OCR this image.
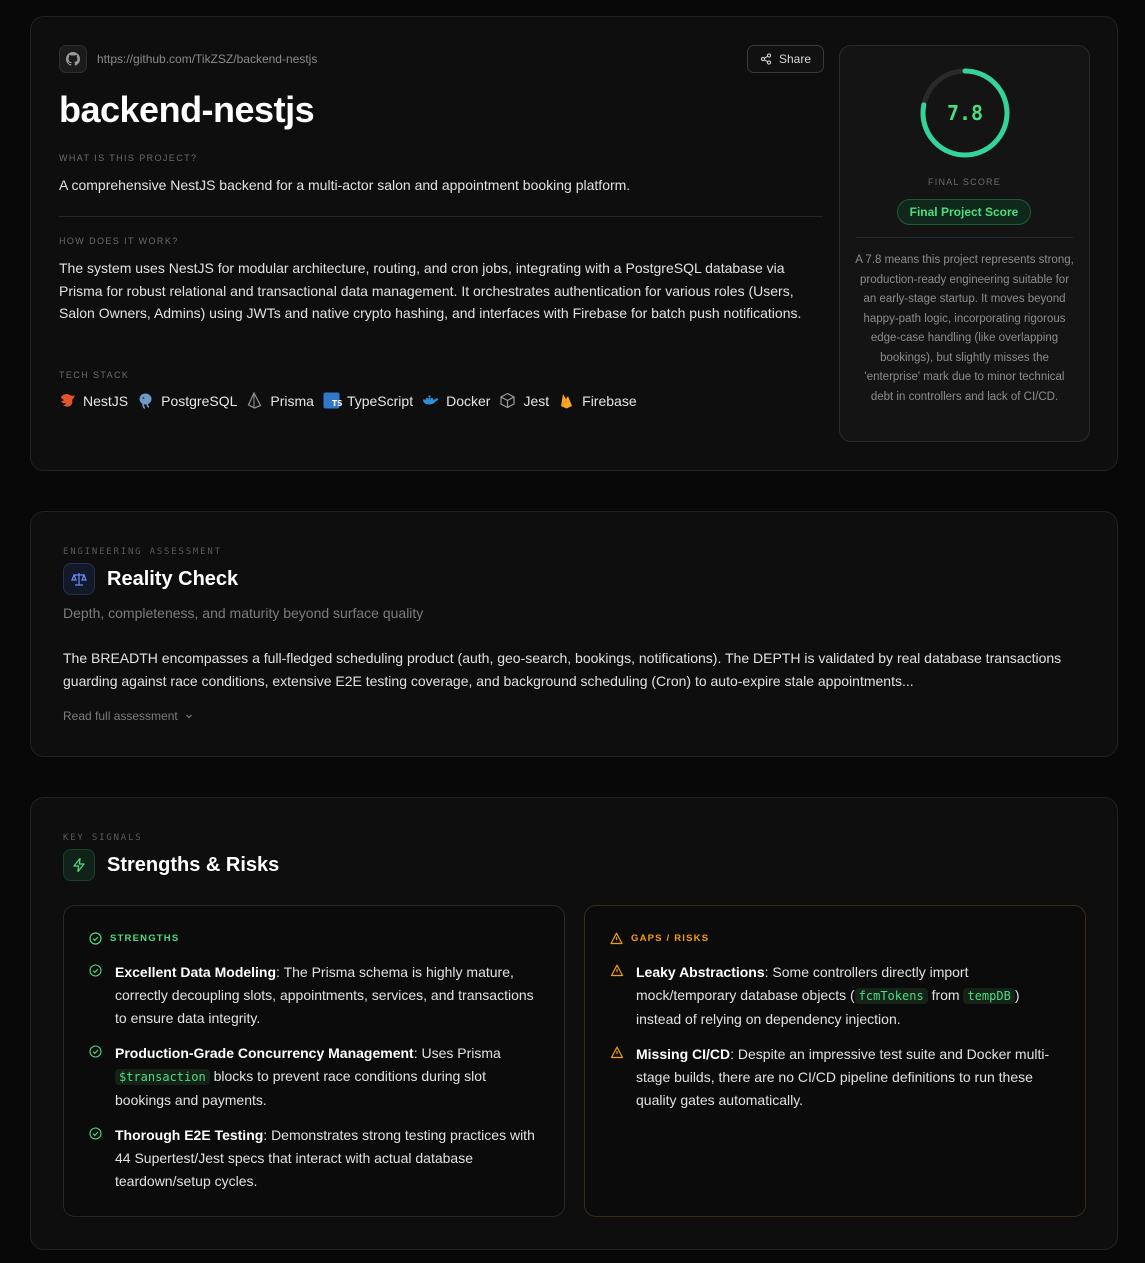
https://github.com/TikZSZ/backend-nestjs	Share
backend-nestjs
WHAT IS THIS PROJECT?
A comprehensive NestJS backend for a multi-actor salon and appointment booking platform.
HOW DOES IT WORK?
The system uses NestJS for modular architecture, routing, and cron jobs, integrating with a PostgreSQL database via Prisma for robust relational and transactional data management. It orchestrates authentication for various roles (Users, Salon Owners, Admins) using JWTs and native crypto hashing, and interfaces with Firebase for batch push notifications.
TECH STACK
NestJS PostgreSQL Prisma TS TypeScript Docker Jest Firebase
7.8
FINAL SCORE
Final Project Score
A 7.8 means this project represents strong, production-ready engineering suitable for an early-stage startup. It moves beyond happy-path logic, incorporating rigorous edge-case handling (like overlapping bookings), but slightly misses the 'enterprise' mark due to minor technical debt in controllers and lack of CI/CD.
ENGINEERING ASSESSMENT
Reality Check
Depth, completeness, and maturity beyond surface quality
The BREADTH encompasses a full-fledged scheduling product (auth, geo-search, bookings, notifications). The DEPTH is validated by real database transactions guarding against race conditions, extensive E2E testing coverage, and background scheduling (Cron) to auto-expire stale appointments...
Read full assessment
KEY SIGNALS
Strengths & Risks
STRENGTHS
Excellent Data Modeling: The Prisma schema is highly mature, correctly decoupling slots, appointments, services, and transactions to ensure data integrity.
Production-Grade Concurrency Management: Uses Prisma $transaction blocks to prevent race conditions during slot bookings and payments.
Thorough E2E Testing: Demonstrates strong testing practices with 44 Supertest/Jest specs that interact with actual database teardown/setup cycles.
GAPS / RISKS
Leaky Abstractions: Some controllers directly import mock/temporary database objects ( fcmTokens from tempDB ) instead of relying on dependency injection.
Missing CI/CD: Despite an impressive test suite and Docker multi-stage builds, there are no CI/CD pipeline definitions to run these quality gates automatically.
